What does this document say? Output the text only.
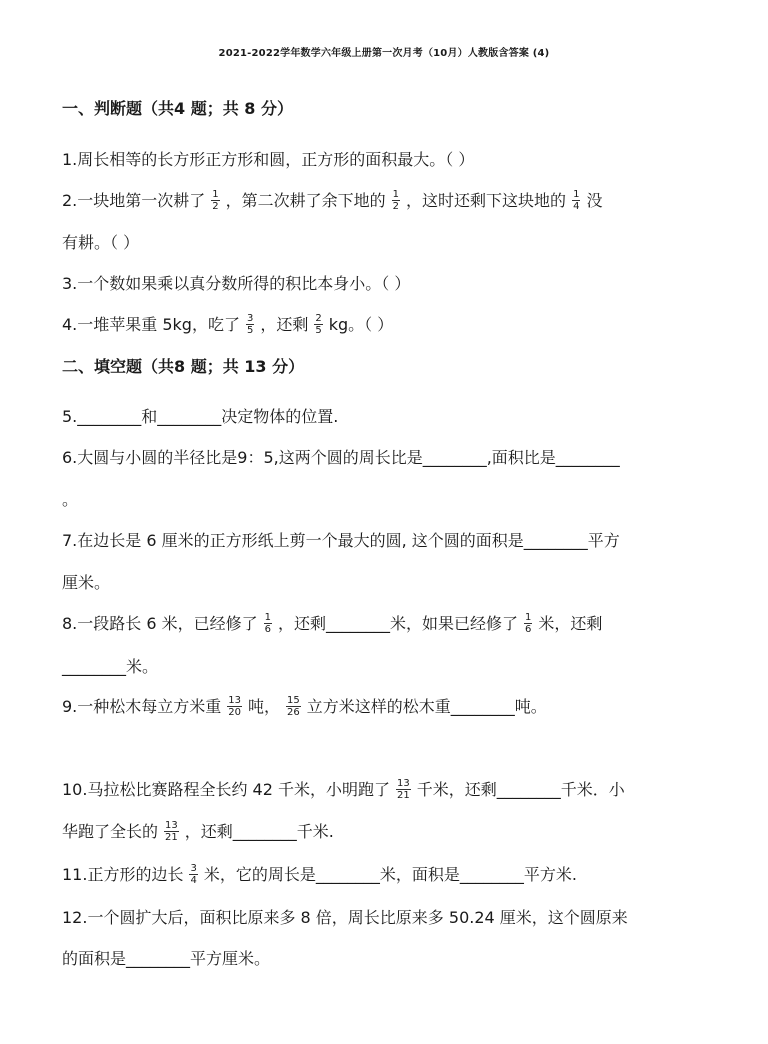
2021-2022学年数学六年级上册第一次月考（10月）人教版含答案 (4)
一、判断题（共4 题；共 8 分）
1.周长相等的长方形正方形和圆，正方形的面积最大。（ ）
2.一块地第一次耕了 $\frac{1}{2}$ ，第二次耕了余下地的 $\frac{1}{2}$ ，这时还剩下这块地的 $\frac{1}{4}$ 没
有耕。（ ）
3.一个数如果乘以真分数所得的积比本身小。（ ）
4.一堆苹果重 5kg，吃了 $\frac{3}{5}$ ，还剩 $\frac{2}{5}$ kg。（ ）
二、填空题（共8 题；共 13 分）
5.________和________决定物体的位置.
6.大圆与小圆的半径比是9：5,这两个圆的周长比是________,面积比是________
。
7.在边长是 6 厘米的正方形纸上剪一个最大的圆, 这个圆的面积是________平方
厘米。
8.一段路长 6 米，已经修了 $\frac{1}{6}$ ，还剩________米，如果已经修了 $\frac{1}{6}$ 米，还剩
________米。
9.一种松木每立方米重 $\frac{13}{20}$ 吨， $\frac{15}{26}$ 立方米这样的松木重________吨。
10.马拉松比赛路程全长约 42 千米，小明跑了 $\frac{13}{21}$ 千米，还剩________千米．小
华跑了全长的 $\frac{13}{21}$ ，还剩________千米.
11.正方形的边长 $\frac{3}{4}$ 米，它的周长是________米，面积是________平方米.
12.一个圆扩大后，面积比原来多 8 倍，周长比原来多 50.24 厘米，这个圆原来
的面积是________平方厘米。
